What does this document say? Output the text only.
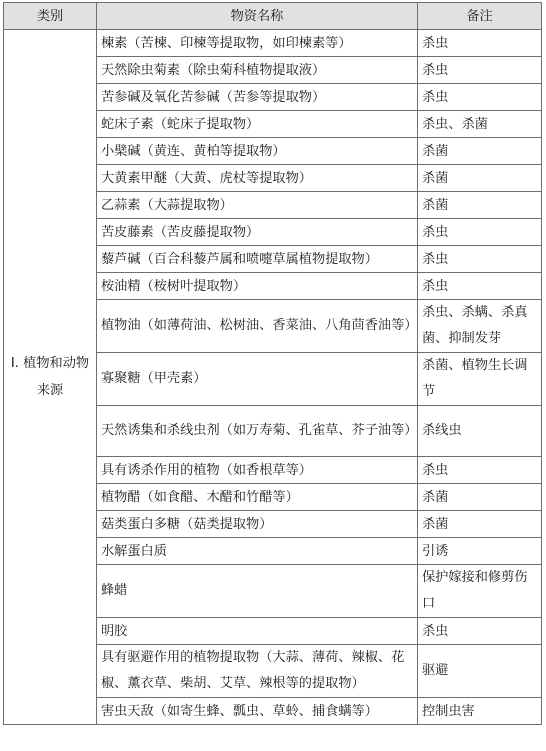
类别	物资名称	备注
I. 植物和动物来源	楝素（苦楝、印楝等提取物，如印楝素等）	杀虫
	天然除虫菊素（除虫菊科植物提取液）	杀虫
	苦参碱及氧化苦参碱（苦参等提取物）	杀虫
	蛇床子素（蛇床子提取物）	杀虫、杀菌
	小檗碱（黄连、黄柏等提取物）	杀菌
	大黄素甲醚（大黄、虎杖等提取物）	杀菌
	乙蒜素（大蒜提取物）	杀菌
	苦皮藤素（苦皮藤提取物）	杀虫
	藜芦碱（百合科藜芦属和喷嚏草属植物提取物）	杀虫
	桉油精（桉树叶提取物）	杀虫
	植物油（如薄荷油、松树油、香菜油、八角茴香油等）	杀虫、杀螨、杀真菌、抑制发芽
	寡聚糖（甲壳素）	杀菌、植物生长调节
	天然诱集和杀线虫剂（如万寿菊、孔雀草、芥子油等）	杀线虫
	具有诱杀作用的植物（如香根草等）	杀虫
	植物醋（如食醋、木醋和竹醋等）	杀菌
	菇类蛋白多糖（菇类提取物）	杀菌
	水解蛋白质	引诱
	蜂蜡	保护嫁接和修剪伤口
	明胶	杀虫
	具有驱避作用的植物提取物（大蒜、薄荷、辣椒、花椒、薰衣草、柴胡、艾草、辣根等的提取物）	驱避
	害虫天敌（如寄生蜂、瓢虫、草蛉、捕食螨等）	控制虫害
